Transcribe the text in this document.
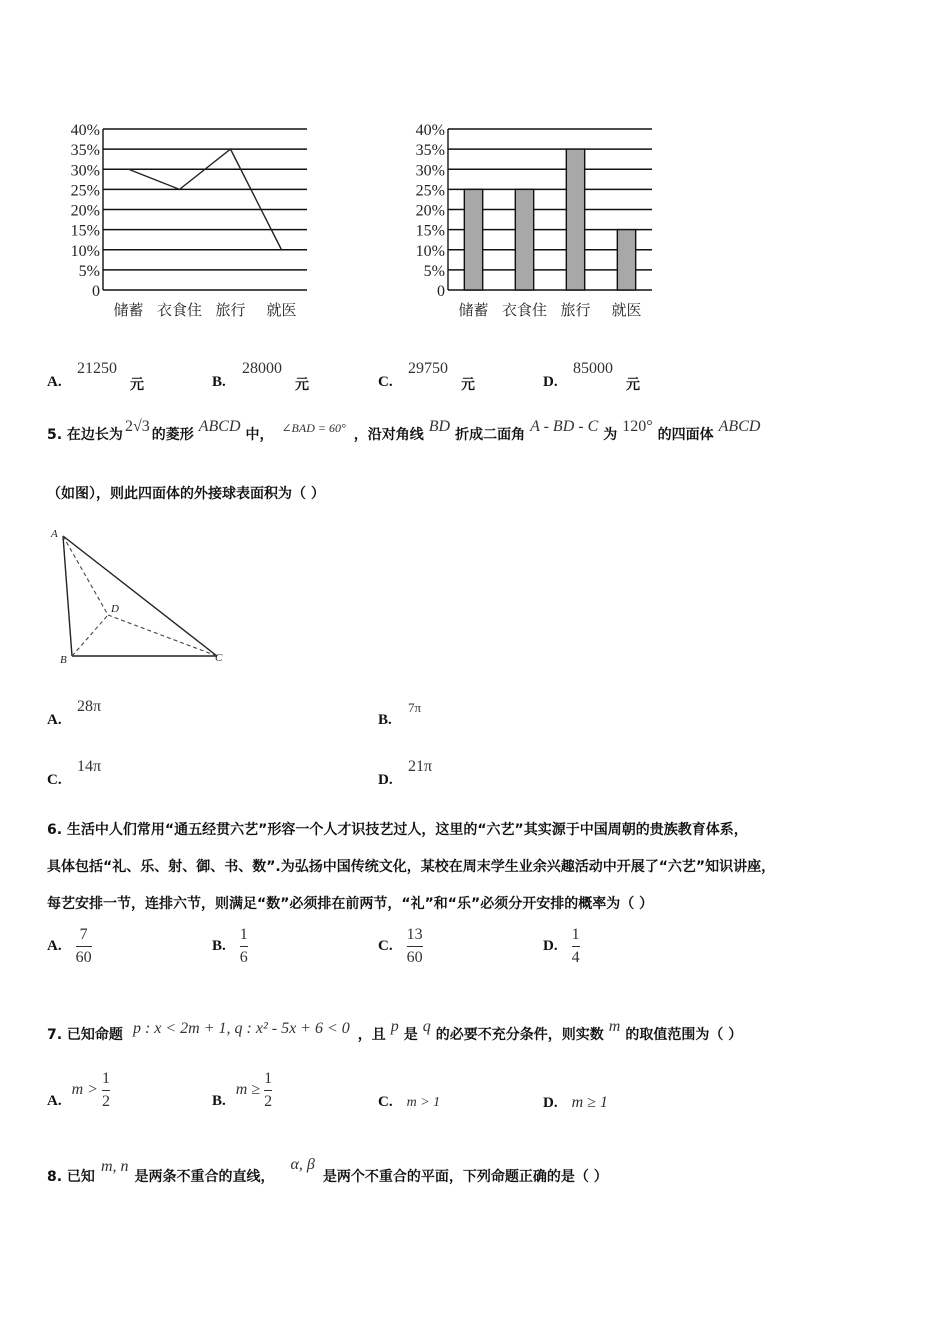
0
5%
10%
15%
20%
25%
30%
35%
40%
储蓄 衣食住 旅行 就医
0
5%
10%
15%
20%
25%
30%
35%
40%
储蓄 衣食住 旅行 就医
A.
21250
元	B.
28000
元	C.
29750
元	D.
85000
元
5. 在边长为 2√3 的菱形 ABCD 中， ∠BAD = 60° ，沿对角线 BD 折成二面角 A - BD - C 为 120° 的四面体 ABCD
（如图），则此四面体的外接球表面积为（ ）
A
B	C
D
A.
28π
B.
7π
C.
14π
D.
21π
6. 生活中人们常用“通五经贯六艺”形容一个人才识技艺过人，这里的“六艺”其实源于中国周朝的贵族教育体系，
具体包括“礼、乐、射、御、书、数”.为弘扬中国传统文化，某校在周末学生业余兴趣活动中开展了“六艺”知识讲座，
每艺安排一节，连排六节，则满足“数”必须排在前两节，“礼”和“乐”必须分开安排的概率为（ ）
A. $\frac{7}{60}$	B. $\frac{1}{6}$	C. $\frac{13}{60}$	D. $\frac{1}{4}$
7. 已知命题 p : x < 2m + 1, q : x² - 5x + 6 < 0 ，且 p 是 q 的必要不充分条件，则实数 m 的取值范围为（ ）
A.
$m > \frac{1}{2}$	B.
$m \ge \frac{1}{2}$	C. m > 1	D. m ≥ 1
8. 已知
m, n
是两条不重合的直线，
α, β
是两个不重合的平面，下列命题正确的是（ ）
